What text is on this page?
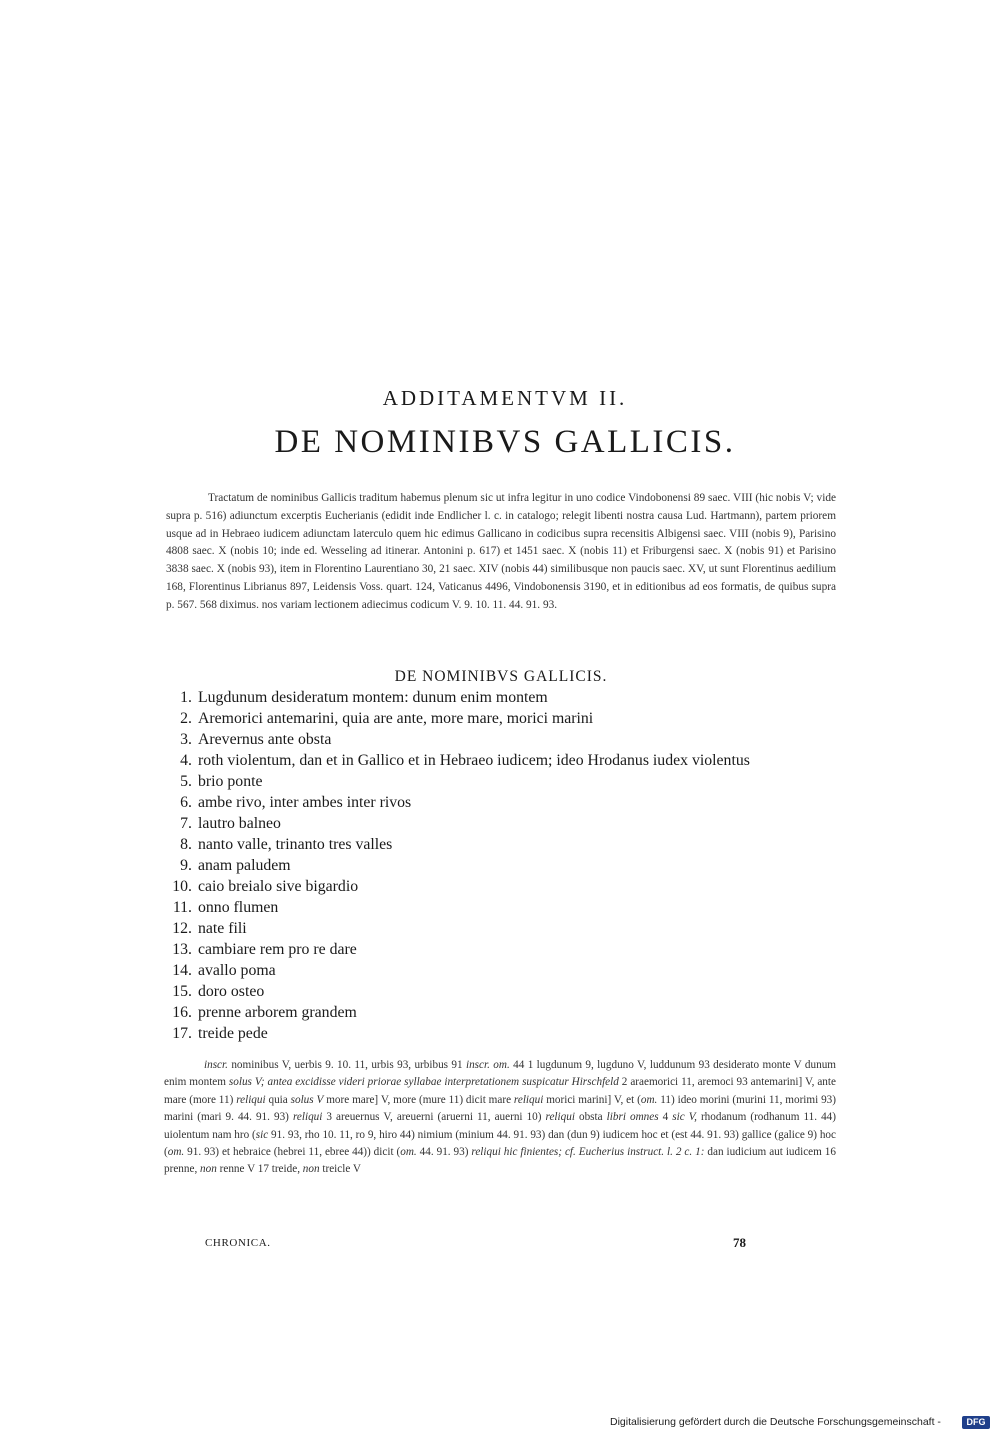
ADDITAMENTVM II.
DE NOMINIBVS GALLICIS.

Tractatum de nominibus Gallicis traditum habemus plenum sic ut infra legitur in uno codice Vindobonensi 89 saec. VIII (hic nobis V; vide supra p. 516) adiunctum excerptis Eucherianis (edidit inde Endlicher l. c. in catalogo; relegit libenti nostra causa Lud. Hartmann), partem priorem usque ad in Hebraeo iudicem adiunctam laterculo quem hic edimus Gallicano in codicibus supra recensitis Albigensi saec. VIII (nobis 9), Parisino 4808 saec. X (nobis 10; inde ed. Wesseling ad itinerar. Antonini p. 617) et 1451 saec. X (nobis 11) et Friburgensi saec. X (nobis 91) et Parisino 3838 saec. X (nobis 93), item in Florentino Laurentiano 30, 21 saec. XIV (nobis 44) similibusque non paucis saec. XV, ut sunt Florentinus aedilium 168, Florentinus Librianus 897, Leidensis Voss. quart. 124, Vaticanus 4496, Vindobonensis 3190, et in editionibus ad eos formatis, de quibus supra p. 567. 568 diximus. nos variam lectionem adiecimus codicum V. 9. 10. 11. 44. 91. 93.

DE NOMINIBVS GALLICIS.
1. Lugdunum desideratum montem: dunum enim montem
2. Aremorici antemarini, quia are ante, more mare, morici marini
3. Arevernus ante obsta
4. roth violentum, dan et in Gallico et in Hebraeo iudicem; ideo Hrodanus iudex violentus
5. brio ponte
6. ambe rivo, inter ambes inter rivos
7. lautro balneo
8. nanto valle, trinanto tres valles
9. anam paludem
10. caio breialo sive bigardio
11. onno flumen
12. nate fili
13. cambiare rem pro re dare
14. avallo poma
15. doro osteo
16. prenne arborem grandem
17. treide pede

inscr. nominibus V, uerbis 9. 10. 11, urbis 93, urbibus 91 inscr. om. 44 1 lugdunum 9, lugduno V, luddunum 93 desiderato monte V dunum enim montem solus V; antea excidisse videri priorae syllabae interpretationem suspicatur Hirschfeld 2 araemorici 11, aremoci 93 antemarini] V, ante mare (more 11) reliqui quia solus V more mare] V, more (mure 11) dicit mare reliqui morici marini] V, et (om. 11) ideo morini (murini 11, morimi 93) marini (mari 9. 44. 91. 93) reliqui 3 areuernus V, areuerni (aruerni 11, auerni 10) reliqui obsta libri omnes 4 sic V, rhodanum (rodhanum 11. 44) uiolentum nam hro (sic 91. 93, rho 10. 11, ro 9, hiro 44) nimium (minium 44. 91. 93) dan (dun 9) iudicem hoc et (est 44. 91. 93) gallice (galice 9) hoc (om. 91. 93) et hebraice (hebrei 11, ebree 44)) dicit (om. 44. 91. 93) reliqui hic finientes; cf. Eucherius instruct. l. 2 c. 1: dan iudicium aut iudicem 16 prenne, non renne V 17 treide, non treicle V

CHRONICA.	78
Digitalisierung gefördert durch die Deutsche Forschungsgemeinschaft -	DFG
